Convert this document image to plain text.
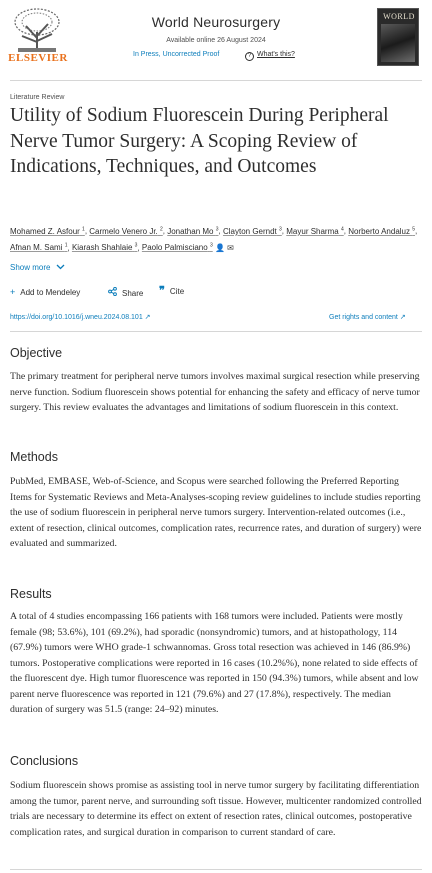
ELSEVIER
World Neurosurgery
Available online 26 August 2024
In Press, Uncorrected Proof	? What's this?
WORLD
Literature Review
Utility of Sodium Fluorescein During Peripheral Nerve Tumor Surgery: A Scoping Review of Indications, Techniques, and Outcomes
Mohamed Z. Asfour $^1$, Carmelo Venero Jr. $^2$, Jonathan Mo $^3$, Clayton Gerndt $^3$, Mayur Sharma $^4$, Norberto Andaluz $^5$, Afnan M. Sami $^1$, Kiarash Shahlaie $^3$, Paolo Palmisciano $^3$ 👤 ✉
Show more
+ Add to Mendeley	Share ❞ Cite
https://doi.org/10.1016/j.wneu.2024.08.101 ↗	Get rights and content ↗
Objective
The primary treatment for peripheral nerve tumors involves maximal surgical resection while preserving nerve function. Sodium fluorescein shows potential for enhancing the safety and efficacy of nerve tumor surgery. This review evaluates the advantages and limitations of sodium fluorescein in this context.
Methods
PubMed, EMBASE, Web-of-Science, and Scopus were searched following the Preferred Reporting Items for Systematic Reviews and Meta-Analyses-scoping review guidelines to include studies reporting the use of sodium fluorescein in peripheral nerve tumors surgery. Intervention-related outcomes (i.e., extent of resection, clinical outcomes, complication rates, recurrence rates, and duration of surgery) were evaluated and summarized.
Results
A total of 4 studies encompassing 166 patients with 168 tumors were included. Patients were mostly female (98; 53.6%), 101 (69.2%), had sporadic (nonsyndromic) tumors, and at histopathology, 114 (67.9%) tumors were WHO grade-1 schwannomas. Gross total resection was achieved in 146 (86.9%) tumors. Postoperative complications were reported in 16 cases (10.2%%), none related to side effects of the fluorescent dye. High tumor fluorescence was reported in 150 (94.3%) tumors, while absent and low parent nerve fluorescence was reported in 121 (79.6%) and 27 (17.8%), respectively. The median duration of surgery was 51.5 (range: 24–92) minutes.
Conclusions
Sodium fluorescein shows promise as assisting tool in nerve tumor surgery by facilitating differentiation among the tumor, parent nerve, and surrounding soft tissue. However, multicenter randomized controlled trials are necessary to determine its effect on extent of resection rates, clinical outcomes, postoperative complication rates, and surgical duration in comparison to current standard of care.
